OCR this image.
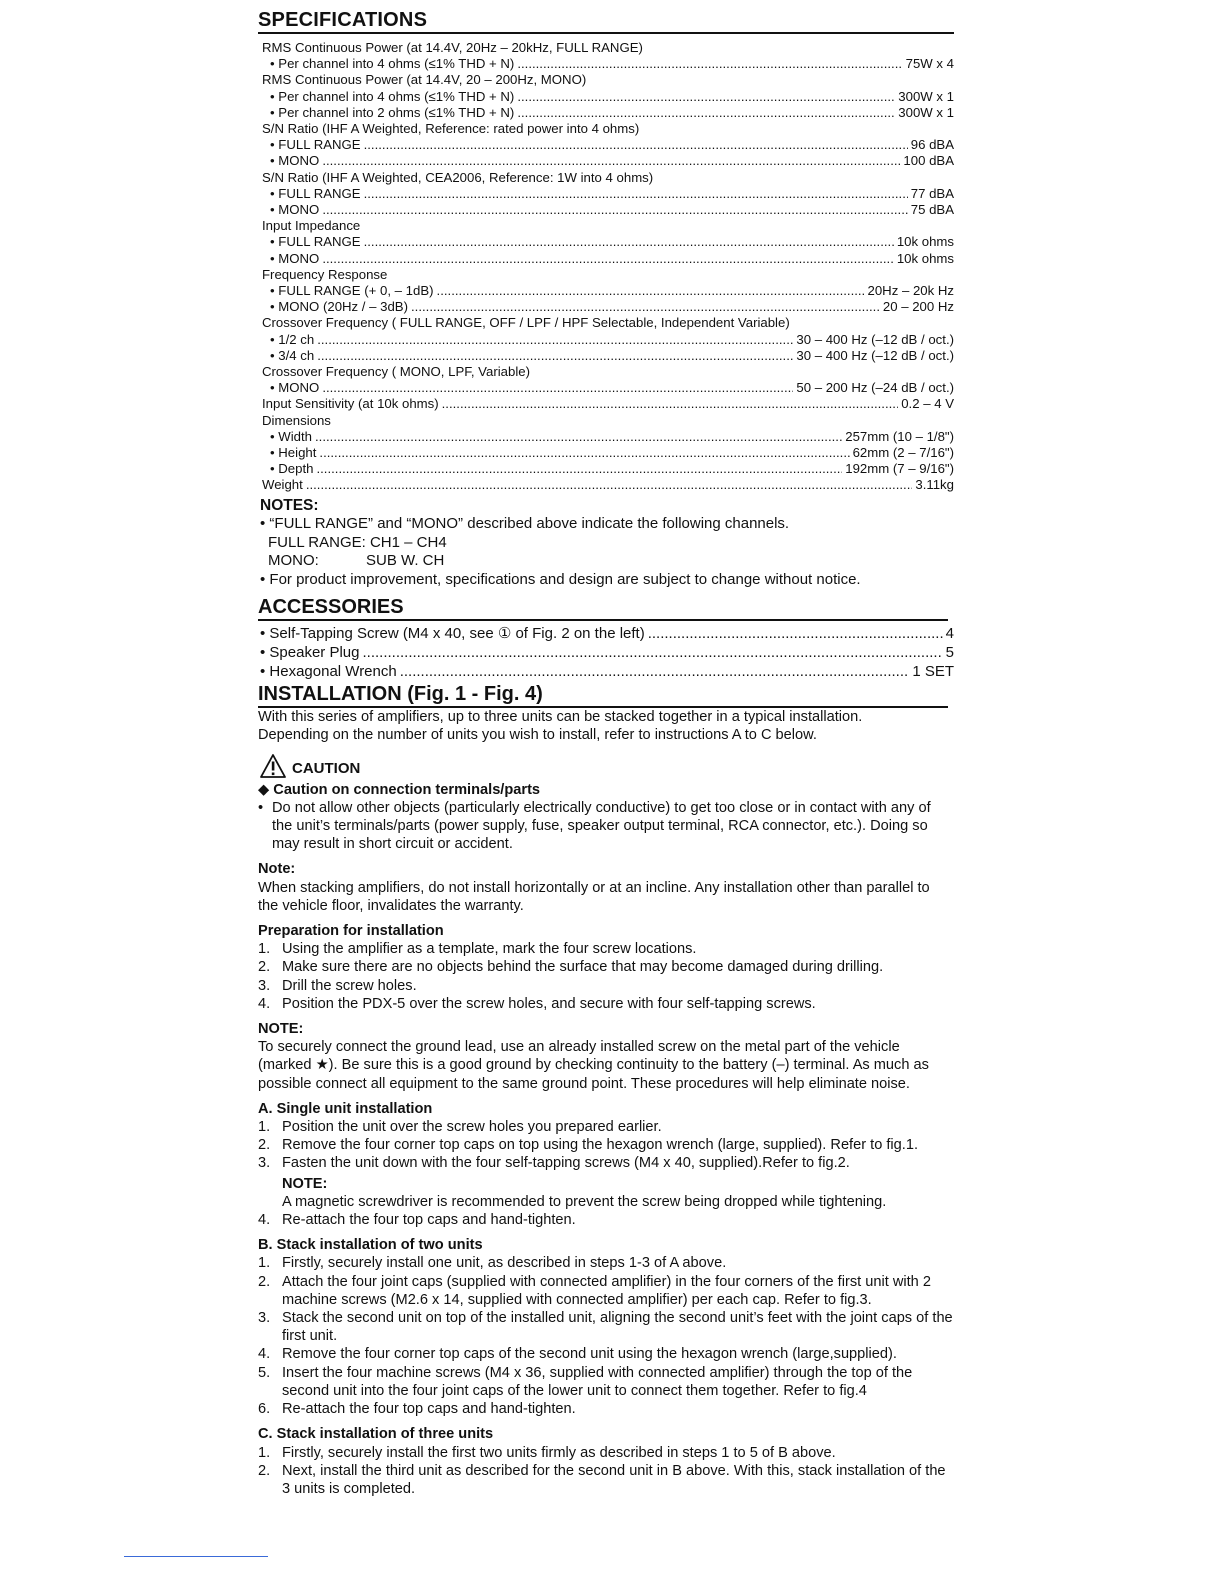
SPECIFICATIONS
RMS Continuous Power (at 14.4V, 20Hz – 20kHz, FULL RANGE)
• Per channel into 4 ohms (≤1% THD + N) .....	75W x 4
RMS Continuous Power (at 14.4V, 20 – 200Hz, MONO)
• Per channel into 4 ohms (≤1% THD + N) .....	300W x 1
• Per channel into 2 ohms (≤1% THD + N) .....	300W x 1
S/N Ratio (IHF A Weighted, Reference: rated power into 4 ohms)
• FULL RANGE .....	96 dBA
• MONO .....	100 dBA
S/N Ratio (IHF A Weighted, CEA2006, Reference: 1W into 4 ohms)
• FULL RANGE .....	77 dBA
• MONO .....	75 dBA
Input Impedance
• FULL RANGE .....	10k ohms
• MONO .....	10k ohms
Frequency Response
• FULL RANGE (+ 0, – 1dB) .....	20Hz – 20k Hz
• MONO (20Hz / – 3dB) .....	20 – 200 Hz
Crossover Frequency ( FULL RANGE, OFF / LPF / HPF Selectable, Independent Variable)
• 1/2 ch .....	30 – 400 Hz (–12 dB / oct.)
• 3/4 ch .....	30 – 400 Hz (–12 dB / oct.)
Crossover Frequency ( MONO, LPF, Variable)
• MONO .....	50 – 200 Hz (–24 dB / oct.)
Input Sensitivity (at 10k ohms) .....	0.2 – 4 V
Dimensions
• Width .....	257mm (10 – 1/8")
• Height .....	62mm (2 – 7/16")
• Depth .....	192mm (7 – 9/16")
Weight .....	3.11kg
NOTES:
• “FULL RANGE” and “MONO” described above indicate the following channels.
FULL RANGE: CH1 – CH4
MONO:	SUB W. CH
• For product improvement, specifications and design are subject to change without notice.
ACCESSORIES
• Self-Tapping Screw (M4 x 40, see ① of Fig. 2 on the left) .....	4
• Speaker Plug .....	5
• Hexagonal Wrench .....	1 SET
INSTALLATION (Fig. 1 - Fig. 4)

With this series of amplifiers, up to three units can be stacked together in a typical installation.

Depending on the number of units you wish to install, refer to instructions A to C below.

CAUTION
◆ Caution on connection terminals/parts
• Do not allow other objects (particularly electrically conductive) to get too close or in contact with any of the unit’s terminals/parts (power supply, fuse, speaker output terminal, RCA connector, etc.). Doing so may result in short circuit or accident.
Note:

When stacking amplifiers, do not install horizontally or at an incline. Any installation other than parallel to the vehicle floor, invalidates the warranty.

Preparation for installation
1. Using the amplifier as a template, mark the four screw locations.
2. Make sure there are no objects behind the surface that may become damaged during drilling.
3. Drill the screw holes.
4. Position the PDX-5 over the screw holes, and secure with four self-tapping screws.
NOTE:

To securely connect the ground lead, use an already installed screw on the metal part of the vehicle (marked ★). Be sure this is a good ground by checking continuity to the battery (–) terminal. As much as possible connect all equipment to the same ground point. These procedures will help eliminate noise.

A. Single unit installation
1. Position the unit over the screw holes you prepared earlier.
2. Remove the four corner top caps on top using the hexagon wrench (large, supplied). Refer to fig.1.
3. Fasten the unit down with the four self-tapping screws (M4 x 40, supplied).Refer to fig.2.
NOTE:
A magnetic screwdriver is recommended to prevent the screw being dropped while tightening.
4. Re-attach the four top caps and hand-tighten.
B. Stack installation of two units
1. Firstly, securely install one unit, as described in steps 1-3 of A above.
2. Attach the four joint caps (supplied with connected amplifier) in the four corners of the first unit with 2 machine screws (M2.6 x 14, supplied with connected amplifier) per each cap. Refer to fig.3.
3. Stack the second unit on top of the installed unit, aligning the second unit’s feet with the joint caps of the first unit.
4. Remove the four corner top caps of the second unit using the hexagon wrench (large,supplied).
5. Insert the four machine screws (M4 x 36, supplied with connected amplifier) through the top of the second unit into the four joint caps of the lower unit to connect them together. Refer to fig.4
6. Re-attach the four top caps and hand-tighten.
C. Stack installation of three units
1. Firstly, securely install the first two units firmly as described in steps 1 to 5 of B above.
2. Next, install the third unit as described for the second unit in B above. With this, stack installation of the 3 units is completed.
